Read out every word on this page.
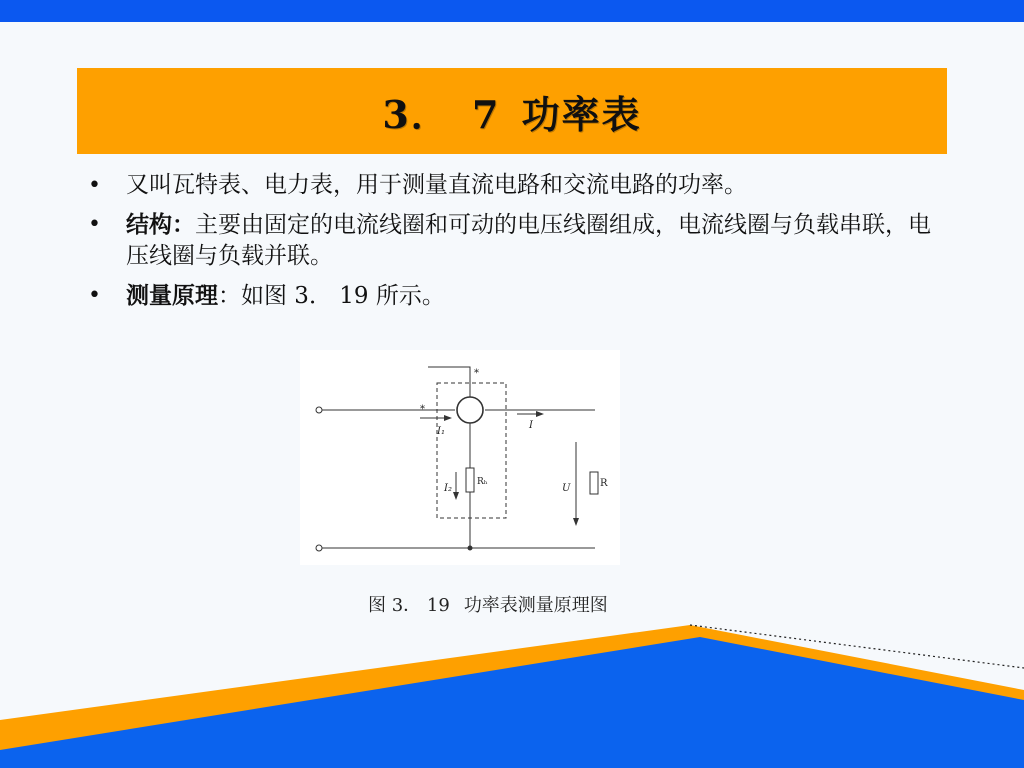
3． 7 功率表
•	又叫瓦特表、电力表，用于测量直流电路和交流电路的功率。
•	结构：主要由固定的电流线圈和可动的电压线圈组成，电流线圈与负载串联，电压线圈与负载并联。
•	测量原理：如图 3． 19 所示。
*
*
I₁
I
I₂	U
Rₕ	R
图 3． 19 功率表测量原理图
